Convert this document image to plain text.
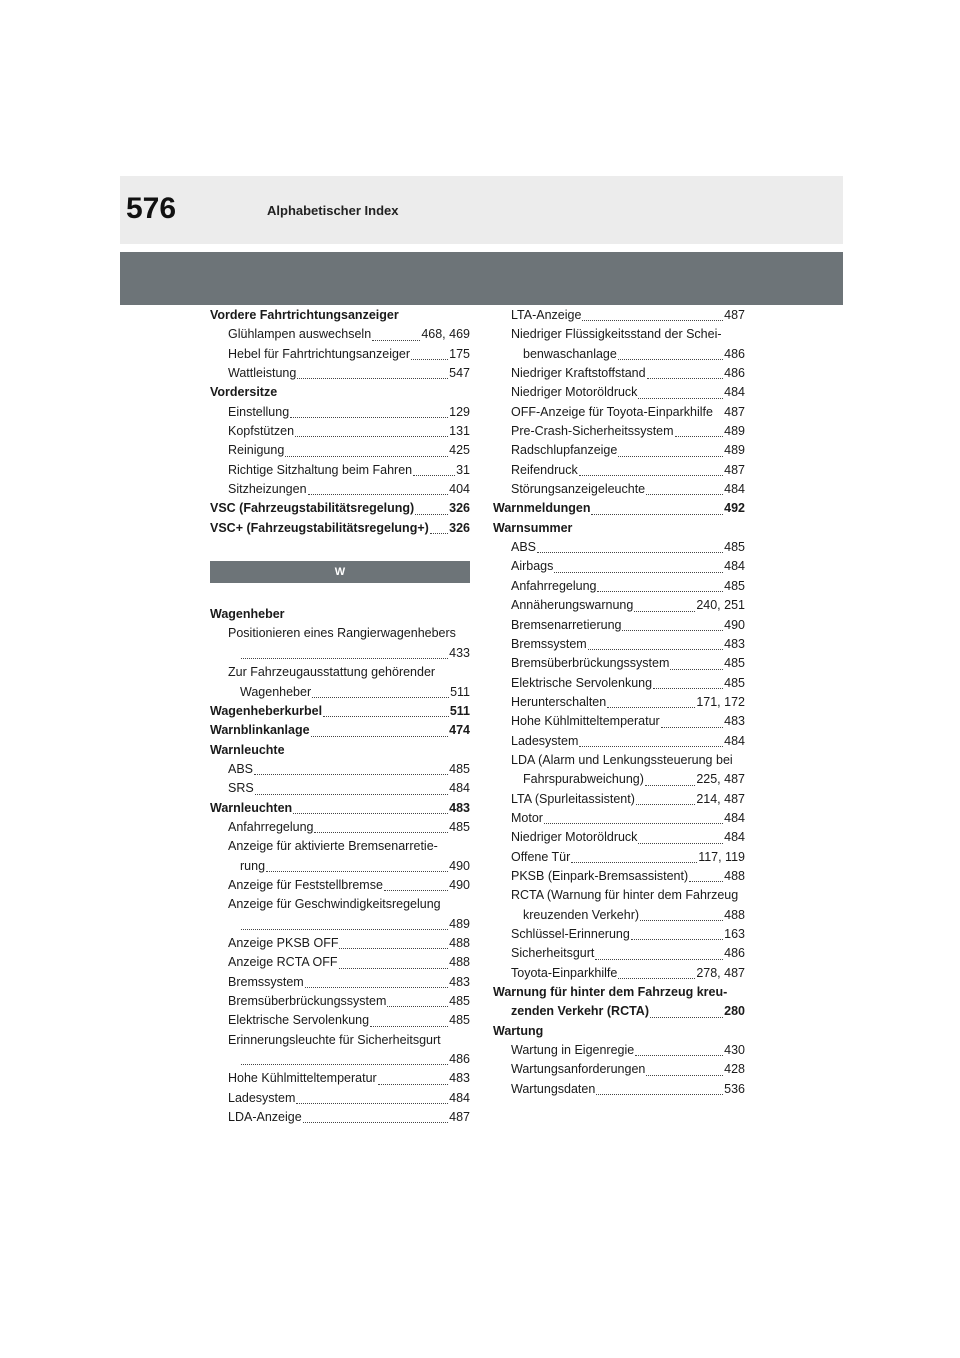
576	Alphabetischer Index
Vordere Fahrtrichtungsanzeiger
Glühlampen auswechseln	468, 469
Hebel für Fahrtrichtungsanzeiger	175
Wattleistung	547
Vordersitze
Einstellung	129
Kopfstützen	131
Reinigung	425
Richtige Sitzhaltung beim Fahren	31
Sitzheizungen	404
VSC (Fahrzeugstabilitätsregelung)	326
VSC+ (Fahrzeugstabilitätsregelung+) 326
W
Wagenheber
Positionieren eines Rangierwagenhebers
433
Zur Fahrzeugausstattung gehörender
Wagenheber	511
Wagenheberkurbel	511
Warnblinkanlage	474
Warnleuchte
ABS	485
SRS	484
Warnleuchten	483
Anfahrregelung	485
Anzeige für aktivierte Bremsenarretie-
rung	490
Anzeige für Feststellbremse	490
Anzeige für Geschwindigkeitsregelung
489
Anzeige PKSB OFF	488
Anzeige RCTA OFF	488
Bremssystem	483
Bremsüberbrückungssystem	485
Elektrische Servolenkung	485
Erinnerungsleuchte für Sicherheitsgurt
486
Hohe Kühlmitteltemperatur	483
Ladesystem	484
LDA-Anzeige	487
LTA-Anzeige	487
Niedriger Flüssigkeitsstand der Schei-
benwaschanlage	486
Niedriger Kraftstoffstand	486
Niedriger Motoröldruck	484
OFF-Anzeige für Toyota-Einparkhilfe 487
Pre-Crash-Sicherheitssystem	489
Radschlupfanzeige	489
Reifendruck	487
Störungsanzeigeleuchte	484
Warnmeldungen	492
Warnsummer
ABS	485
Airbags	484
Anfahrregelung	485
Annäherungswarnung	240, 251
Bremsenarretierung	490
Bremssystem	483
Bremsüberbrückungssystem	485
Elektrische Servolenkung	485
Herunterschalten	171, 172
Hohe Kühlmitteltemperatur	483
Ladesystem	484
LDA (Alarm und Lenkungssteuerung bei
Fahrspurabweichung)	225, 487
LTA (Spurleitassistent)	214, 487
Motor	484
Niedriger Motoröldruck	484
Offene Tür	117, 119
PKSB (Einpark-Bremsassistent)	488
RCTA (Warnung für hinter dem Fahrzeug
kreuzenden Verkehr)	488
Schlüssel-Erinnerung	163
Sicherheitsgurt	486
Toyota-Einparkhilfe	278, 487
Warnung für hinter dem Fahrzeug kreu-
zenden Verkehr (RCTA)	280
Wartung
Wartung in Eigenregie	430
Wartungsanforderungen	428
Wartungsdaten	536
